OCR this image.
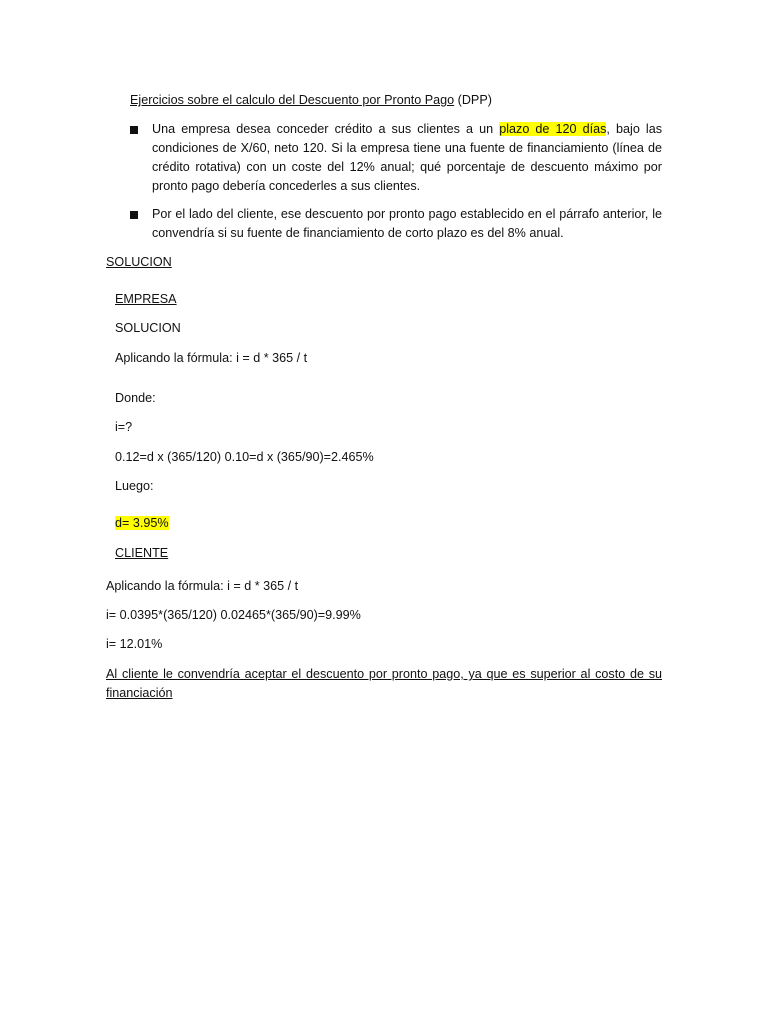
Ejercicios sobre el calculo del Descuento por Pronto Pago (DPP)

Una empresa desea conceder crédito a sus clientes a un plazo de 120 días, bajo las condiciones de X/60, neto 120. Si la empresa tiene una fuente de financiamiento (línea de crédito rotativa) con un coste del 12% anual; qué porcentaje de descuento máximo por pronto pago debería concederles a sus clientes.
Por el lado del cliente, ese descuento por pronto pago establecido en el párrafo anterior, le convendría si su fuente de financiamiento de corto plazo es del 8% anual.

SOLUCION

EMPRESA

SOLUCION

Aplicando la fórmula: i = d * 365 / t

Donde:

i=?

0.12=d x (365/120) 0.10=d x (365/90)=2.465%

Luego:

d= 3.95%

CLIENTE

Aplicando la fórmula: i = d * 365 / t

i= 0.0395*(365/120) 0.02465*(365/90)=9.99%

i= 12.01%

Al cliente le convendría aceptar el descuento por pronto pago, ya que es superior al costo de su financiación
